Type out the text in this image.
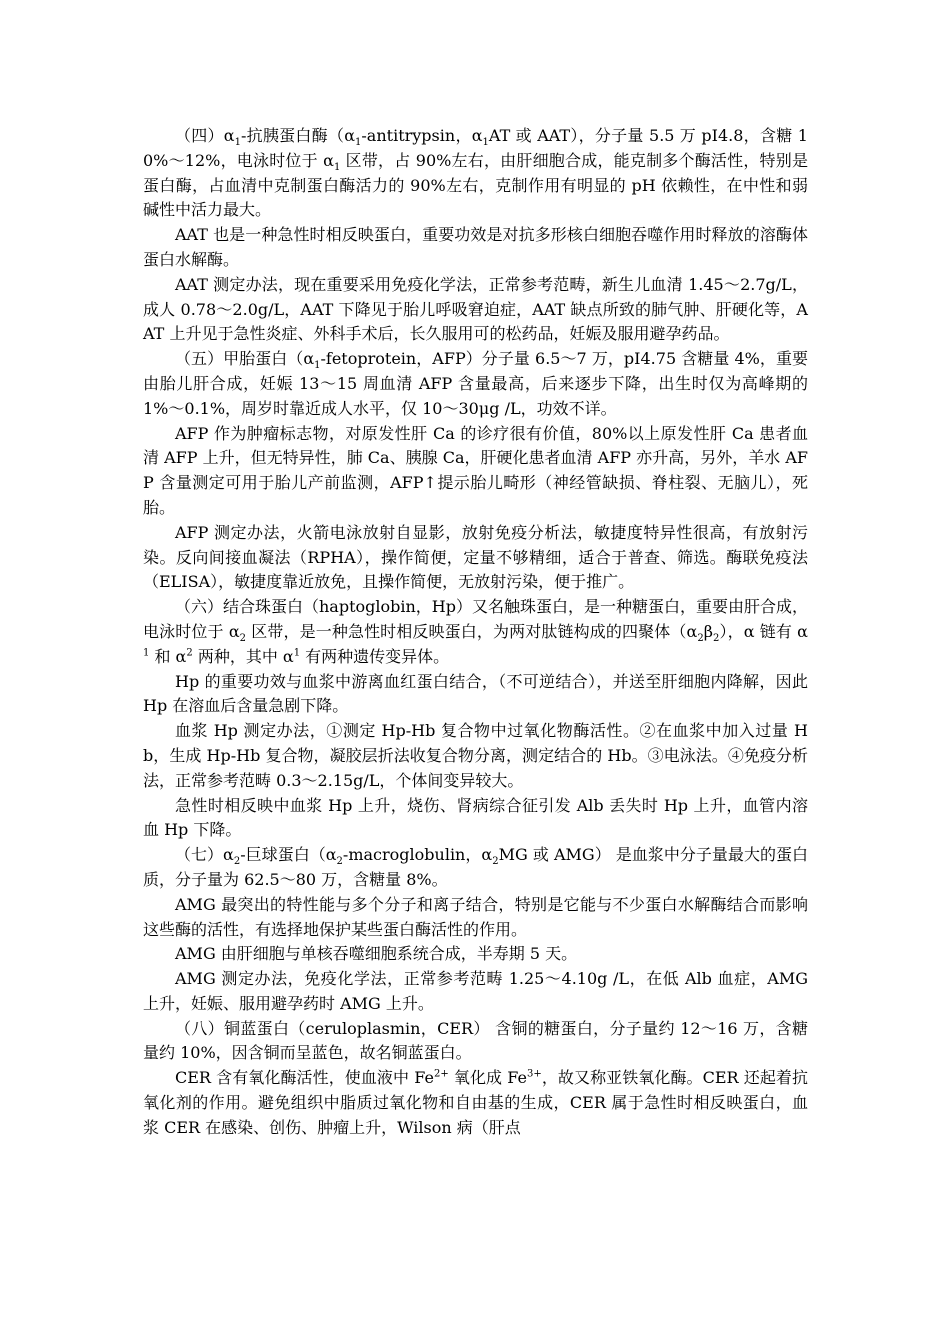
（四）$\alpha_1-$抗胰蛋白酶（$\alpha_1$-antitrypsin，$\alpha_1AT$ 或 AAT），分子量 5.5 万 pI4.8，含糖 10%～12%，电泳时位于 $\alpha_1$ 区带，占 90%左右，由肝细胞合成，能克制多个酶活性，特别是蛋白酶，占血清中克制蛋白酶活力的 90%左右，克制作用有明显的 pH 依赖性，在中性和弱碱性中活力最大。

AAT 也是一种急性时相反映蛋白，重要功效是对抗多形核白细胞吞噬作用时释放的溶酶体蛋白水解酶。

AAT 测定办法，现在重要采用免疫化学法，正常参考范畴，新生儿血清 1.45～2.7g/L，成人 0.78～2.0g/L，AAT 下降见于胎儿呼吸窘迫症，AAT 缺点所致的肺气肿、肝硬化等，AAT 上升见于急性炎症、外科手术后，长久服用可的松药品，妊娠及服用避孕药品。

（五）甲胎蛋白（$\alpha_1$-fetoprotein，AFP）分子量 6.5～7 万，pI4.75 含糖量 4%，重要由胎儿肝合成，妊娠 13～15 周血清 AFP 含量最高，后来逐步下降，出生时仅为高峰期的 1%～0.1%，周岁时靠近成人水平，仅 10～30μg /L，功效不详。

AFP 作为肿瘤标志物，对原发性肝 Ca 的诊疗很有价值，80%以上原发性肝 Ca 患者血清 AFP 上升，但无特异性，肺 Ca、胰腺 Ca，肝硬化患者血清 AFP 亦升高，另外，羊水 AFP 含量测定可用于胎儿产前监测，AFP↑提示胎儿畸形（神经管缺损、脊柱裂、无脑儿），死胎。

AFP 测定办法，火箭电泳放射自显影，放射免疫分析法，敏捷度特异性很高，有放射污染。反向间接血凝法（RPHA），操作简便，定量不够精细，适合于普查、筛选。酶联免疫法（ELISA），敏捷度靠近放免，且操作简便，无放射污染，便于推广。

（六）结合珠蛋白（haptoglobin，Hp）又名触珠蛋白，是一种糖蛋白，重要由肝合成，电泳时位于 $\alpha_2$ 区带，是一种急性时相反映蛋白，为两对肽链构成的四聚体$(\alpha_2\beta_2)$，α 链有 $\alpha^1$ 和 $\alpha^2$ 两种，其中 $\alpha^1$ 有两种遗传变异体。

Hp 的重要功效与血浆中游离血红蛋白结合，（不可逆结合），并送至肝细胞内降解，因此 Hp 在溶血后含量急剧下降。

血浆 Hp 测定办法，①测定 Hp-Hb 复合物中过氧化物酶活性。②在血浆中加入过量 Hb，生成 Hp-Hb 复合物，凝胶层折法收复合物分离，测定结合的 Hb。③电泳法。④免疫分析法，正常参考范畴 0.3～2.15g/L，个体间变异较大。

急性时相反映中血浆 Hp 上升，烧伤、肾病综合征引发 Alb 丢失时 Hp 上升，血管内溶血 Hp 下降。

（七）$\alpha_2-$巨球蛋白（$\alpha_2$-macroglobulin，$\alpha_2MG$ 或 AMG） 是血浆中分子量最大的蛋白质，分子量为 62.5～80 万，含糖量 8%。

AMG 最突出的特性能与多个分子和离子结合，特别是它能与不少蛋白水解酶结合而影响这些酶的活性，有选择地保护某些蛋白酶活性的作用。

AMG 由肝细胞与单核吞噬细胞系统合成，半寿期 5 天。

AMG 测定办法，免疫化学法，正常参考范畴 1.25～4.10g /L，在低 Alb 血症，AMG 上升，妊娠、服用避孕药时 AMG 上升。

（八）铜蓝蛋白（ceruloplasmin，CER） 含铜的糖蛋白，分子量约 12～16 万，含糖量约 10%，因含铜而呈蓝色，故名铜蓝蛋白。

CER 含有氧化酶活性，使血液中 $Fe^{2+}$ 氧化成 $Fe^{3+}$，故又称亚铁氧化酶。CER 还起着抗氧化剂的作用。避免组织中脂质过氧化物和自由基的生成，CER 属于急性时相反映蛋白，血浆 CER 在感染、创伤、肿瘤上升，Wilson 病（肝点
